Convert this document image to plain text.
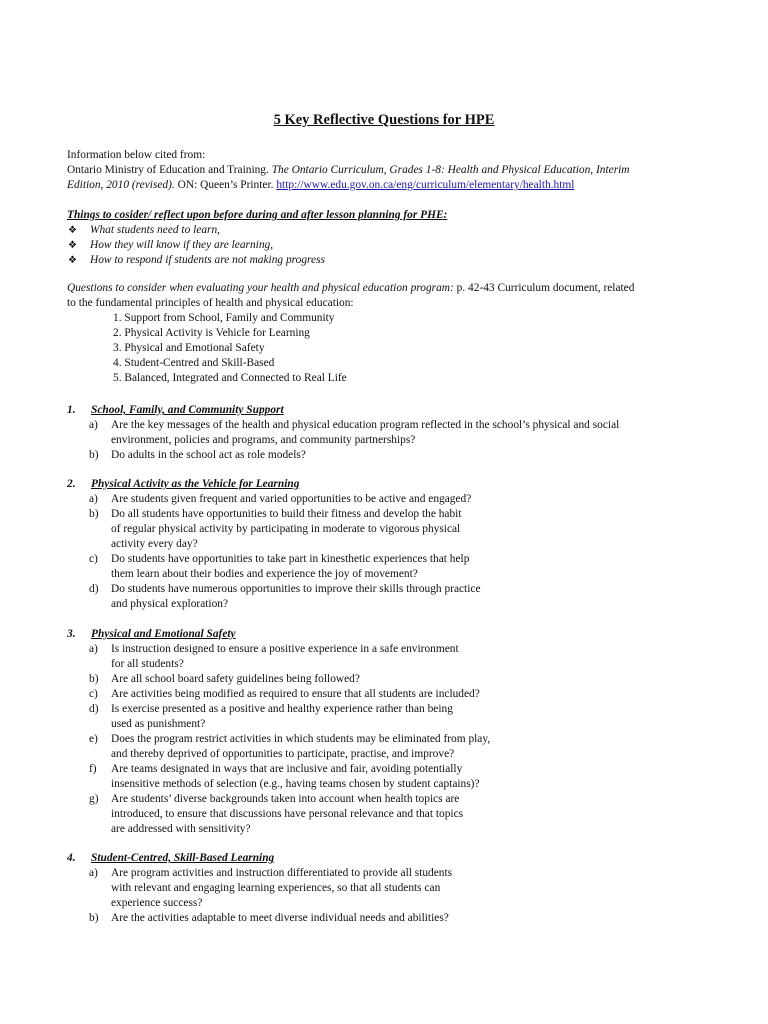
5 Key Reflective Questions for HPE
Information below cited from:
Ontario Ministry of Education and Training. The Ontario Curriculum, Grades 1-8: Health and Physical Education, Interim
Edition, 2010 (revised). ON: Queen’s Printer. http://www.edu.gov.on.ca/eng/curriculum/elementary/health.html
Things to cosider/ reflect upon before during and after lesson planning for PHE:
❖	What students need to learn,
❖	How they will know if they are learning,
❖	How to respond if students are not making progress
Questions to consider when evaluating your health and physical education program: p. 42-43 Curriculum document, related
to the fundamental principles of health and physical education:
1. Support from School, Family and Community
2. Physical Activity is Vehicle for Learning
3. Physical and Emotional Safety
4. Student-Centred and Skill-Based
5. Balanced, Integrated and Connected to Real Life
1.	School, Family, and Community Support
a)	Are the key messages of the health and physical education program reflected in the school’s physical and social
environment, policies and programs, and community partnerships?
b)	Do adults in the school act as role models?
2.	Physical Activity as the Vehicle for Learning
a)	Are students given frequent and varied opportunities to be active and engaged?
b)	Do all students have opportunities to build their fitness and develop the habit
of regular physical activity by participating in moderate to vigorous physical
activity every day?
c)	Do students have opportunities to take part in kinesthetic experiences that help
them learn about their bodies and experience the joy of movement?
d)	Do students have numerous opportunities to improve their skills through practice
and physical exploration?
3.	Physical and Emotional Safety
a)	Is instruction designed to ensure a positive experience in a safe environment
for all students?
b)	Are all school board safety guidelines being followed?
c)	Are activities being modified as required to ensure that all students are included?
d)	Is exercise presented as a positive and healthy experience rather than being
used as punishment?
e)	Does the program restrict activities in which students may be eliminated from play,
and thereby deprived of opportunities to participate, practise, and improve?
f)	Are teams designated in ways that are inclusive and fair, avoiding potentially
insensitive methods of selection (e.g., having teams chosen by student captains)?
g)	Are students’ diverse backgrounds taken into account when health topics are
introduced, to ensure that discussions have personal relevance and that topics
are addressed with sensitivity?
4.	Student-Centred, Skill-Based Learning
a)	Are program activities and instruction differentiated to provide all students
with relevant and engaging learning experiences, so that all students can
experience success?
b)	Are the activities adaptable to meet diverse individual needs and abilities?
